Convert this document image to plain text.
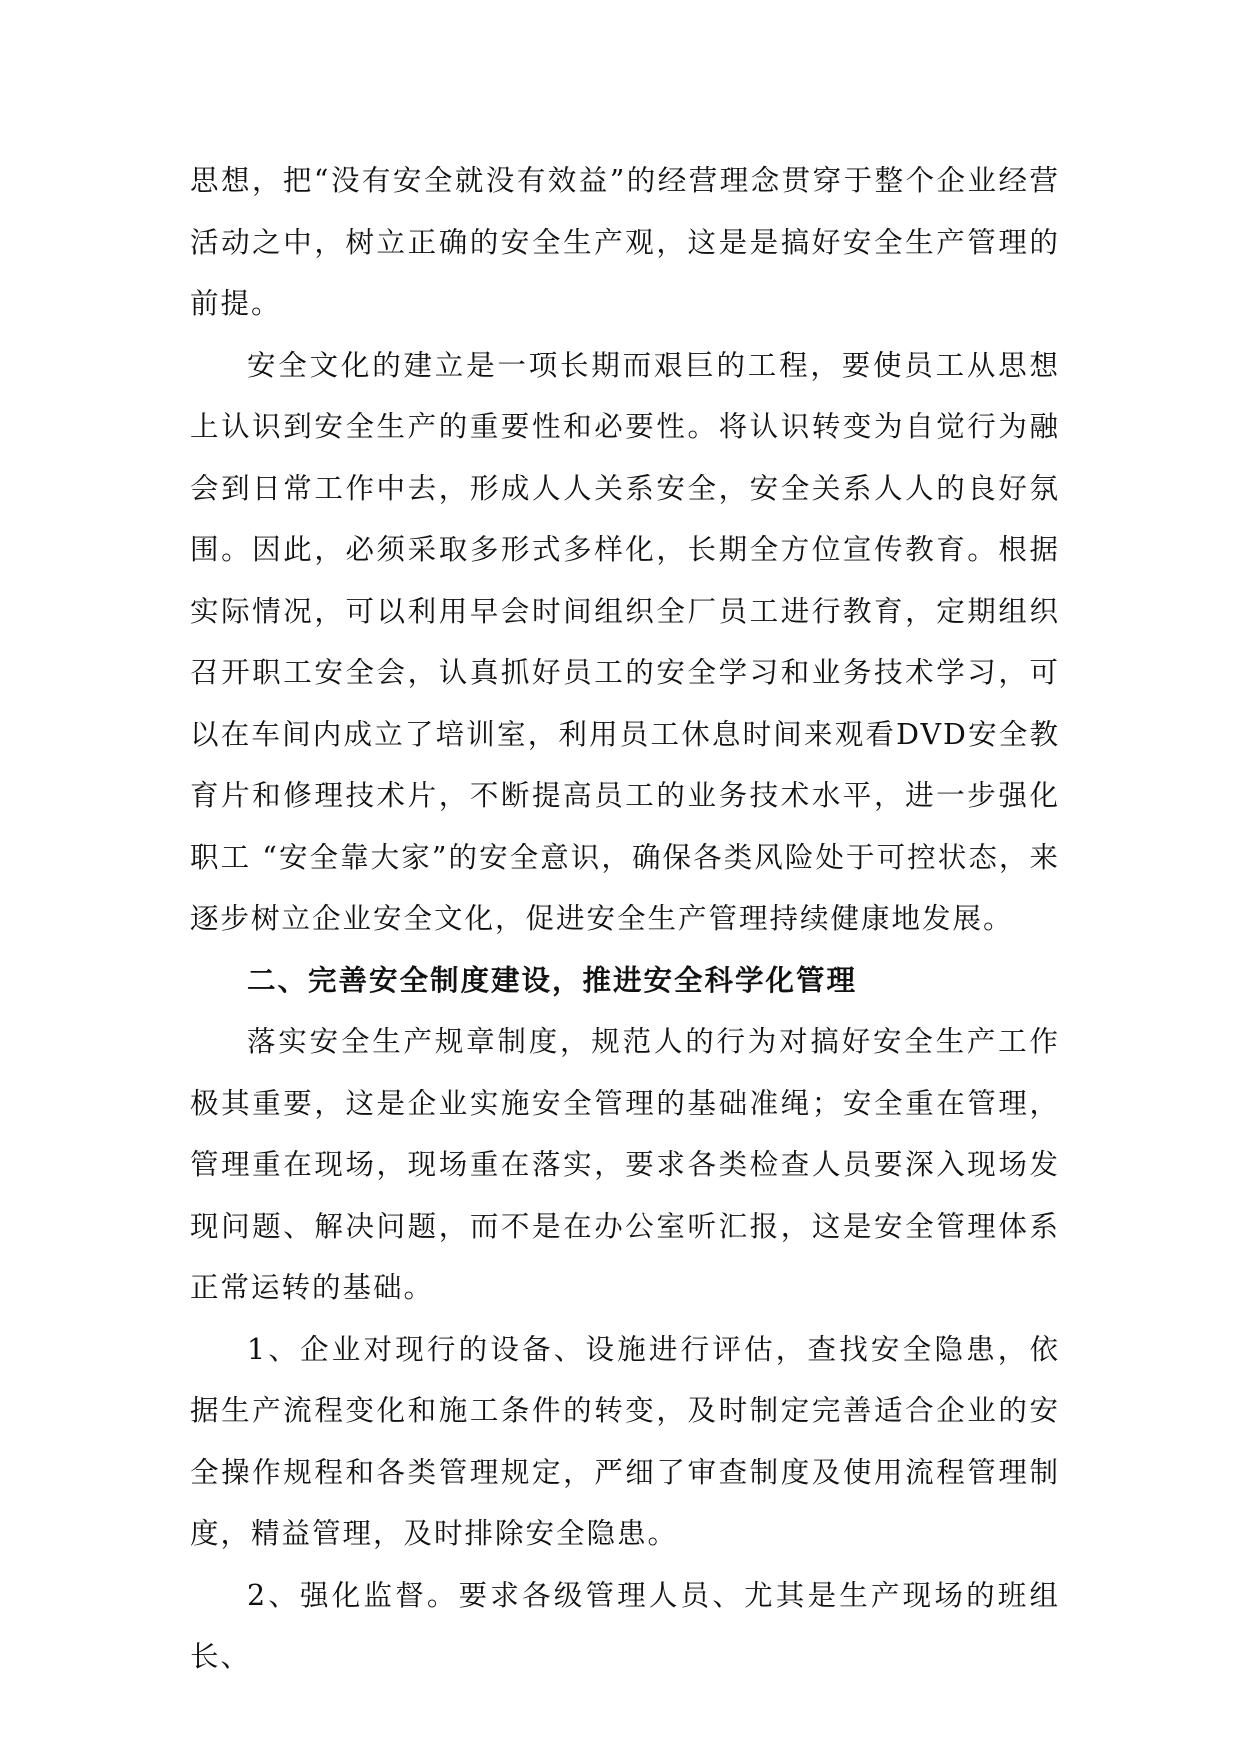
思想，把“没有安全就没有效益”的经营理念贯穿于整个企业经营活动之中，树立正确的安全生产观，这是是搞好安全生产管理的前提。

安全文化的建立是一项长期而艰巨的工程，要使员工从思想上认识到安全生产的重要性和必要性。将认识转变为自觉行为融会到日常工作中去，形成人人关系安全，安全关系人人的良好氛围。因此，必须采取多形式多样化，长期全方位宣传教育。根据实际情况，可以利用早会时间组织全厂员工进行教育，定期组织召开职工安全会，认真抓好员工的安全学习和业务技术学习，可以在车间内成立了培训室，利用员工休息时间来观看DVD安全教育片和修理技术片，不断提高员工的业务技术水平，进一步强化职工 “安全靠大家”的安全意识，确保各类风险处于可控状态，来逐步树立企业安全文化，促进安全生产管理持续健康地发展。

二、完善安全制度建设，推进安全科学化管理

落实安全生产规章制度，规范人的行为对搞好安全生产工作极其重要，这是企业实施安全管理的基础准绳；安全重在管理，管理重在现场，现场重在落实，要求各类检查人员要深入现场发现问题、解决问题，而不是在办公室听汇报，这是安全管理体系正常运转的基础。

1、企业对现行的设备、设施进行评估，查找安全隐患，依据生产流程变化和施工条件的转变，及时制定完善适合企业的安全操作规程和各类管理规定，严细了审查制度及使用流程管理制度，精益管理，及时排除安全隐患。

2、强化监督。要求各级管理人员、尤其是生产现场的班组长、
